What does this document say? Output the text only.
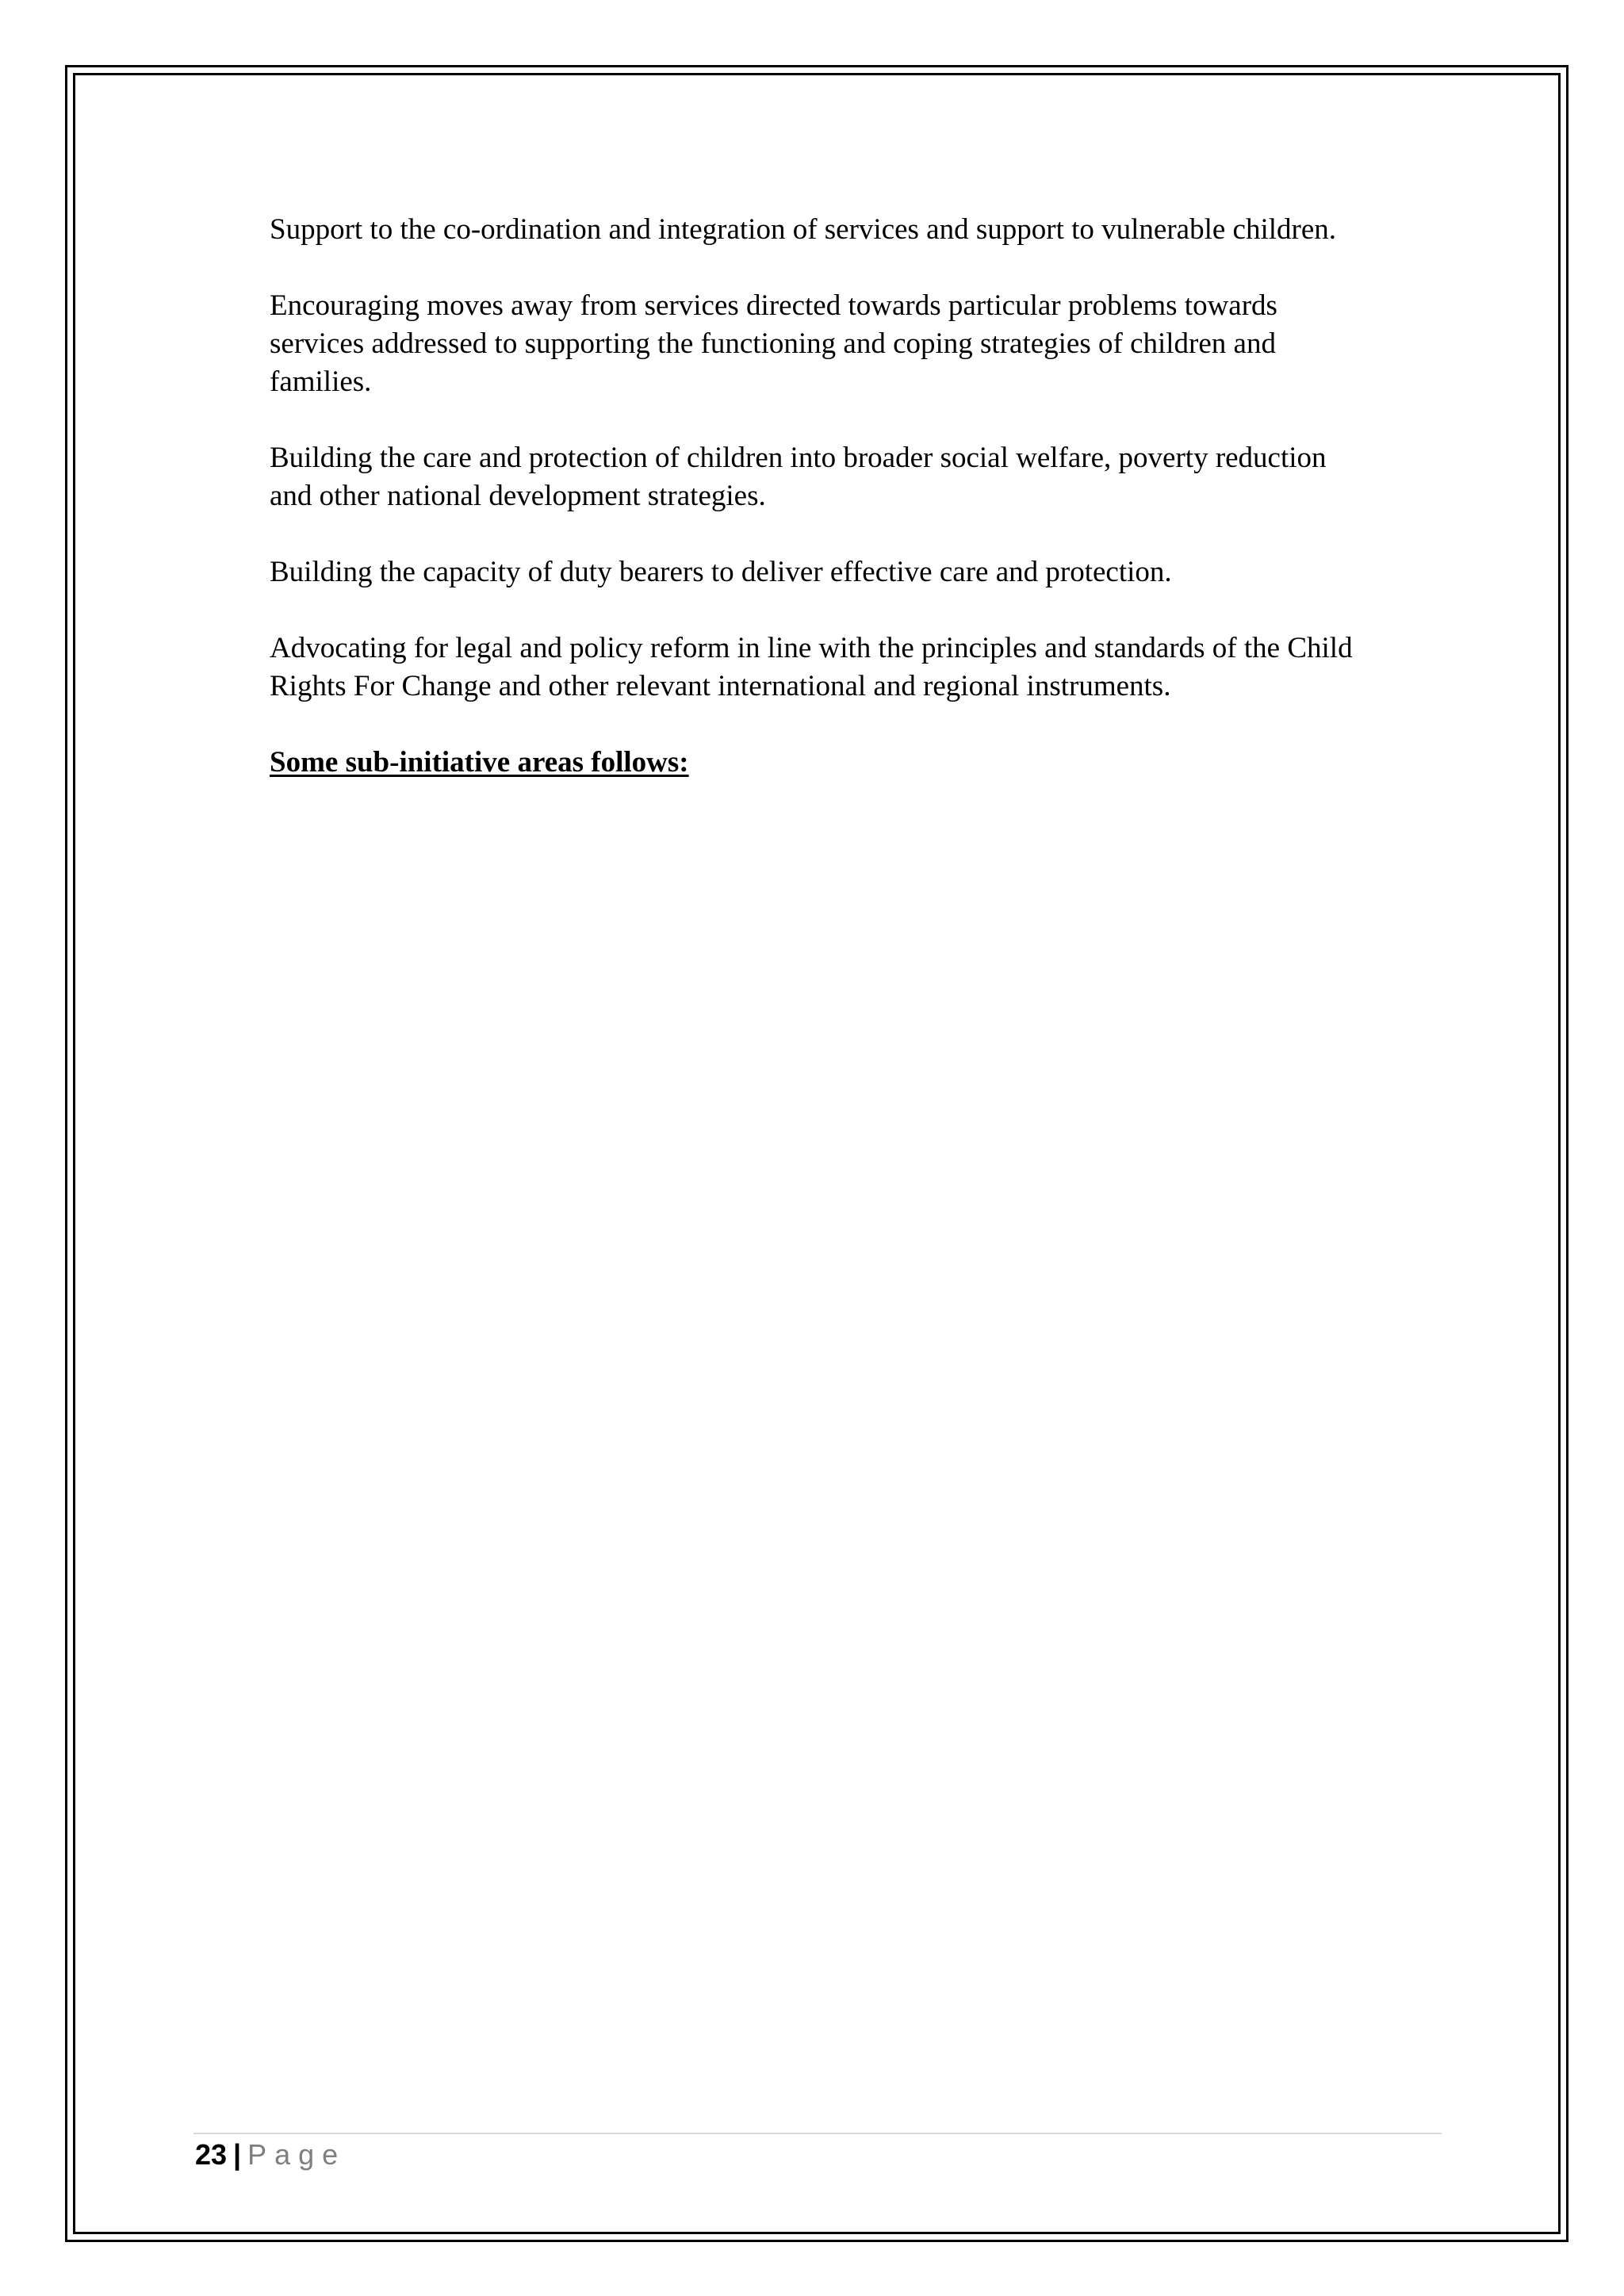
Support to the co-ordination and integration of services and support to vulnerable children.

Encouraging moves away from services directed towards particular problems towards services addressed to supporting the functioning and coping strategies of children and families.

Building the care and protection of children into broader social welfare, poverty reduction and other national development strategies.

Building the capacity of duty bearers to deliver effective care and protection.

Advocating for legal and policy reform in line with the principles and standards of the Child Rights For Change and other relevant international and regional instruments.

Some sub-initiative areas follows:

23 | Page
